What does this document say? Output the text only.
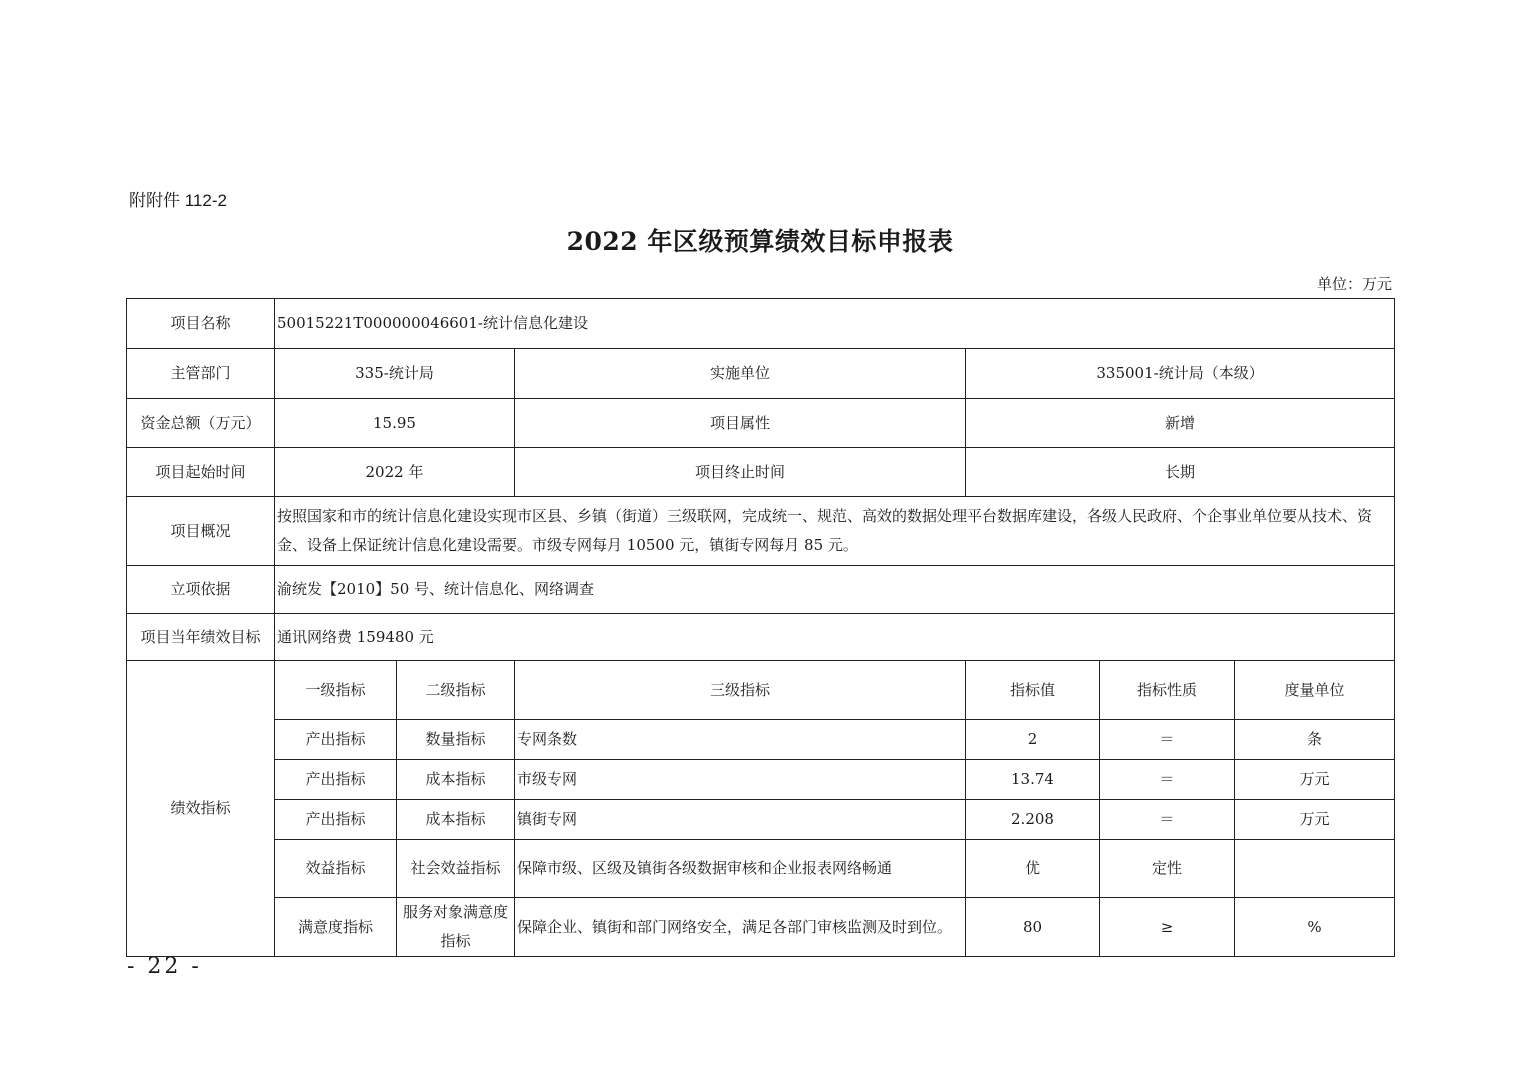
附附件 112-2
2022 年区级预算绩效目标申报表
单位：万元
项目名称	50015221T000000046601-统计信息化建设						
主管部门	335-统计局		实施单位	335001-统计局（本级）			
资金总额（万元）	15.95		项目属性	新增			
项目起始时间	2022 年		项目终止时间	长期			
项目概况	按照国家和市的统计信息化建设实现市区县、乡镇（街道）三级联网，完成统一、规范、高效的数据处理平台数据库建设，各级人民政府、个企事业单位要从技术、资金、设备上保证统计信息化建设需要。市级专网每月 10500 元，镇街专网每月 85 元。						
立项依据	渝统发【2010】50 号、统计信息化、网络调查						
项目当年绩效目标	通讯网络费 159480 元						
绩效指标	一级指标	二级指标	三级指标	指标值	指标性质	度量单位	
	产出指标	数量指标	专网条数	2	＝	条	
	产出指标	成本指标	市级专网	13.74	＝	万元	
	产出指标	成本指标	镇街专网	2.208	＝	万元	
	效益指标	社会效益指标	保障市级、区级及镇街各级数据审核和企业报表网络畅通	优	定性		
	满意度指标	服务对象满意度指标	保障企业、镇街和部门网络安全，满足各部门审核监测及时到位。	80	≥	%	
- 22 -
